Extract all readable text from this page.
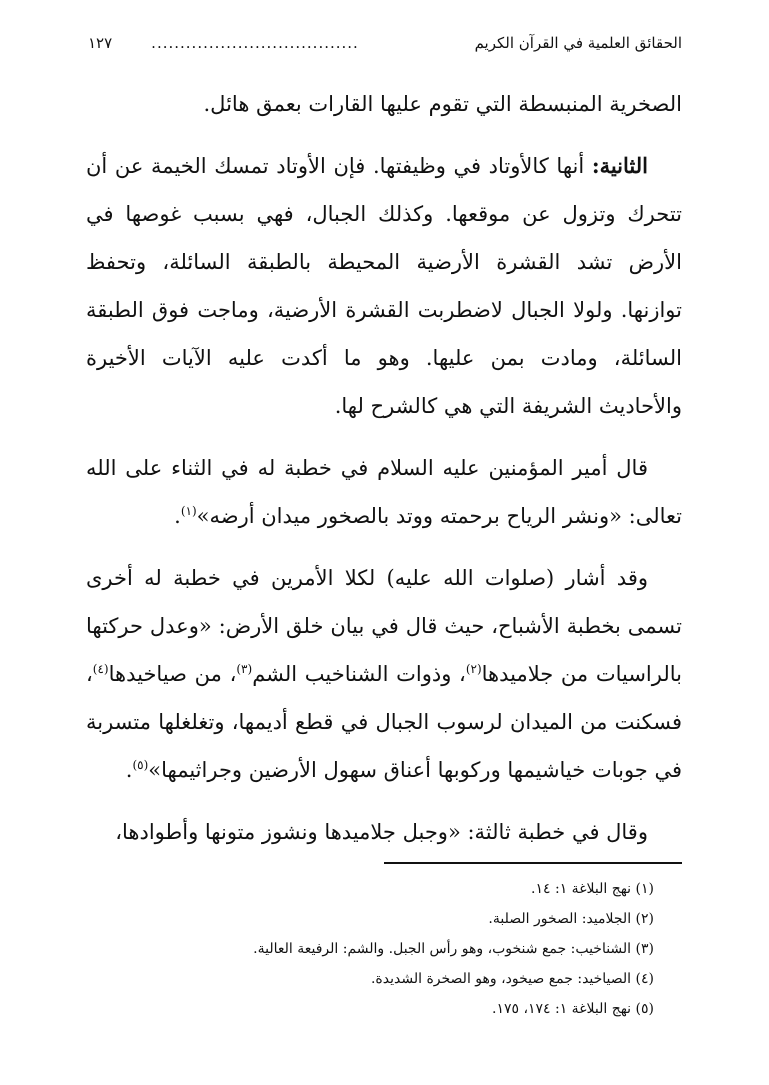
الحقائق العلمية في القرآن الكريم
....................................
١٢٧

الصخرية المنبسطة التي تقوم عليها القارات بعمق هائل.

الثانية: أنها كالأوتاد في وظيفتها. فإن الأوتاد تمسك الخيمة عن أن تتحرك وتزول عن موقعها. وكذلك الجبال، فهي بسبب غوصها في الأرض تشد القشرة الأرضية المحيطة بالطبقة السائلة، وتحفظ توازنها. ولولا الجبال لاضطربت القشرة الأرضية، وماجت فوق الطبقة السائلة، ومادت بمن عليها. وهو ما أكدت عليه الآيات الأخيرة والأحاديث الشريفة التي هي كالشرح لها.

قال أمير المؤمنين عليه السلام في خطبة له في الثناء على الله تعالى: «ونشر الرياح برحمته ووتد بالصخور ميدان أرضه»$^{(١)}$.

وقد أشار (صلوات الله عليه) لكلا الأمرين في خطبة له أخرى تسمى بخطبة الأشباح، حيث قال في بيان خلق الأرض: «وعدل حركتها بالراسيات من جلاميدها$^{(٢)}$، وذوات الشناخيب الشم$^{(٣)}$، من صياخيدها$^{(٤)}$، فسكنت من الميدان لرسوب الجبال في قطع أديمها، وتغلغلها متسربة في جوبات خياشيمها وركوبها أعناق سهول الأرضين وجراثيمها»$^{(٥)}$.

وقال في خطبة ثالثة: «وجبل جلاميدها ونشوز متونها وأطوادها،

(١) نهج البلاغة ١: ١٤.
(٢) الجلاميد: الصخور الصلبة.
(٣) الشناخيب: جمع شنخوب، وهو رأس الجبل. والشم: الرفيعة العالية.
(٤) الصياخيد: جمع صيخود، وهو الصخرة الشديدة.
(٥) نهج البلاغة ١: ١٧٤، ١٧٥.
